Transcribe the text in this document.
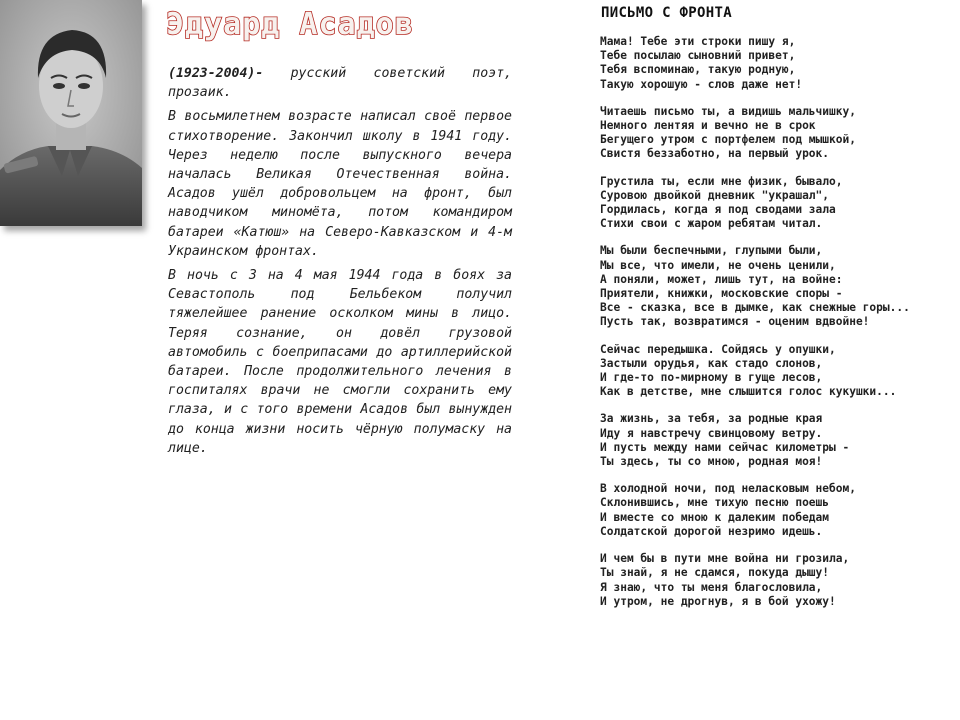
Эдуард Асадов

(1923-2004)- русский советский поэт, прозаик.

В восьмилетнем возрасте написал своё первое стихотворение. Закончил школу в 1941 году. Через неделю после выпускного вечера началась Великая Отечественная война. Асадов ушёл добровольцем на фронт, был наводчиком миномёта, потом командиром батареи «Катюш» на Северо-Кавказском и 4-м Украинском фронтах.

В ночь с 3 на 4 мая 1944 года в боях за Севастополь под Бельбеком получил тяжелейшее ранение осколком мины в лицо. Теряя сознание, он довёл грузовой автомобиль с боеприпасами до артиллерийской батареи. После продолжительного лечения в госпиталях врачи не смогли сохранить ему глаза, и с того времени Асадов был вынужден до конца жизни носить чёрную полумаску на лице.

ПИСЬМО С ФРОНТА
Мама! Тебе эти строки пишу я,
Тебе посылаю сыновний привет,
Тебя вспоминаю, такую родную,
Такую хорошую - слов даже нет!
Читаешь письмо ты, а видишь мальчишку,
Немного лентяя и вечно не в срок
Бегущего утром с портфелем под мышкой,
Свистя беззаботно, на первый урок.
Грустила ты, если мне физик, бывало,
Суровою двойкой дневник "украшал",
Гордилась, когда я под сводами зала
Стихи свои с жаром ребятам читал.
Мы были беспечными, глупыми были,
Мы все, что имели, не очень ценили,
А поняли, может, лишь тут, на войне:
Приятели, книжки, московские споры -
Все - сказка, все в дымке, как снежные горы...
Пусть так, возвратимся - оценим вдвойне!
Сейчас передышка. Сойдясь у опушки,
Застыли орудья, как стадо слонов,
И где-то по-мирному в гуще лесов,
Как в детстве, мне слышится голос кукушки...
За жизнь, за тебя, за родные края
Иду я навстречу свинцовому ветру.
И пусть между нами сейчас километры -
Ты здесь, ты со мною, родная моя!
В холодной ночи, под неласковым небом,
Склонившись, мне тихую песню поешь
И вместе со мною к далеким победам
Солдатской дорогой незримо идешь.
И чем бы в пути мне война ни грозила,
Ты знай, я не сдамся, покуда дышу!
Я знаю, что ты меня благословила,
И утром, не дрогнув, я в бой ухожу!
